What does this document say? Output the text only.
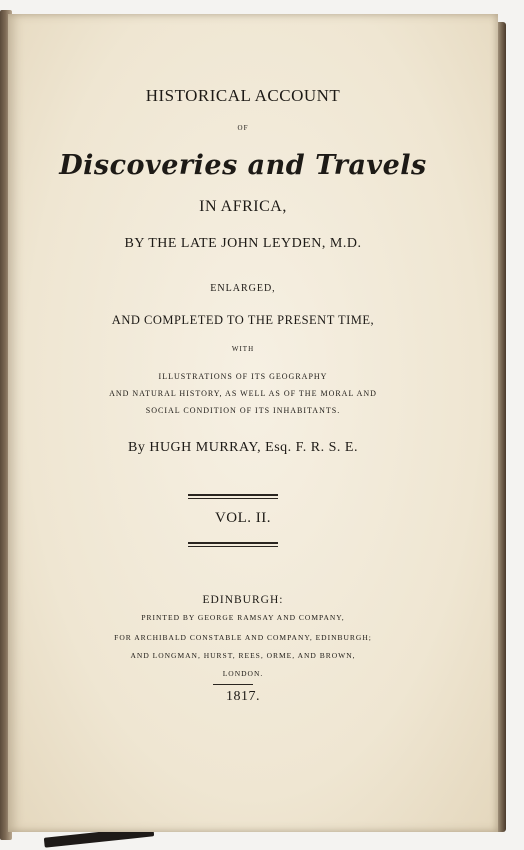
HISTORICAL ACCOUNT
OF
Discoveries and Travels
IN AFRICA,
BY THE LATE JOHN LEYDEN, M.D.
ENLARGED,
AND COMPLETED TO THE PRESENT TIME,
WITH
ILLUSTRATIONS OF ITS GEOGRAPHY
AND NATURAL HISTORY, AS WELL AS OF THE MORAL AND
SOCIAL CONDITION OF ITS INHABITANTS.
By HUGH MURRAY, Esq. F. R. S. E.
VOL. II.
EDINBURGH:
PRINTED BY GEORGE RAMSAY AND COMPANY,
FOR ARCHIBALD CONSTABLE AND COMPANY, EDINBURGH;
AND LONGMAN, HURST, REES, ORME, AND BROWN,
LONDON.
1817.
